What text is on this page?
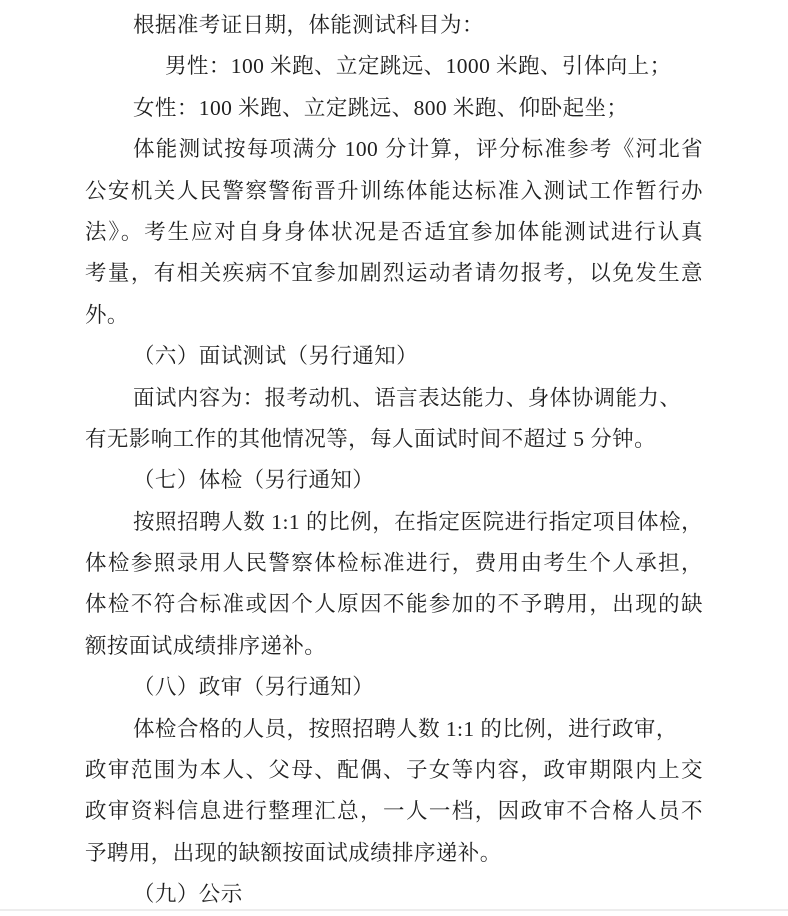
根据准考证日期，体能测试科目为：
男性：100 米跑、立定跳远、1000 米跑、引体向上；
女性：100 米跑、立定跳远、800 米跑、仰卧起坐；
体能测试按每项满分 100 分计算，评分标准参考《河北省
公安机关人民警察警衔晋升训练体能达标准入测试工作暂行办
法》。考生应对自身身体状况是否适宜参加体能测试进行认真
考量，有相关疾病不宜参加剧烈运动者请勿报考，以免发生意
外。
（六）面试测试（另行通知）
面试内容为：报考动机、语言表达能力、身体协调能力、
有无影响工作的其他情况等，每人面试时间不超过 5 分钟。
（七）体检（另行通知）
按照招聘人数 1:1 的比例，在指定医院进行指定项目体检，
体检参照录用人民警察体检标准进行，费用由考生个人承担，
体检不符合标准或因个人原因不能参加的不予聘用，出现的缺
额按面试成绩排序递补。
（八）政审（另行通知）
体检合格的人员，按照招聘人数 1:1 的比例，进行政审，
政审范围为本人、父母、配偶、子女等内容，政审期限内上交
政审资料信息进行整理汇总，一人一档，因政审不合格人员不
予聘用，出现的缺额按面试成绩排序递补。
（九）公示
